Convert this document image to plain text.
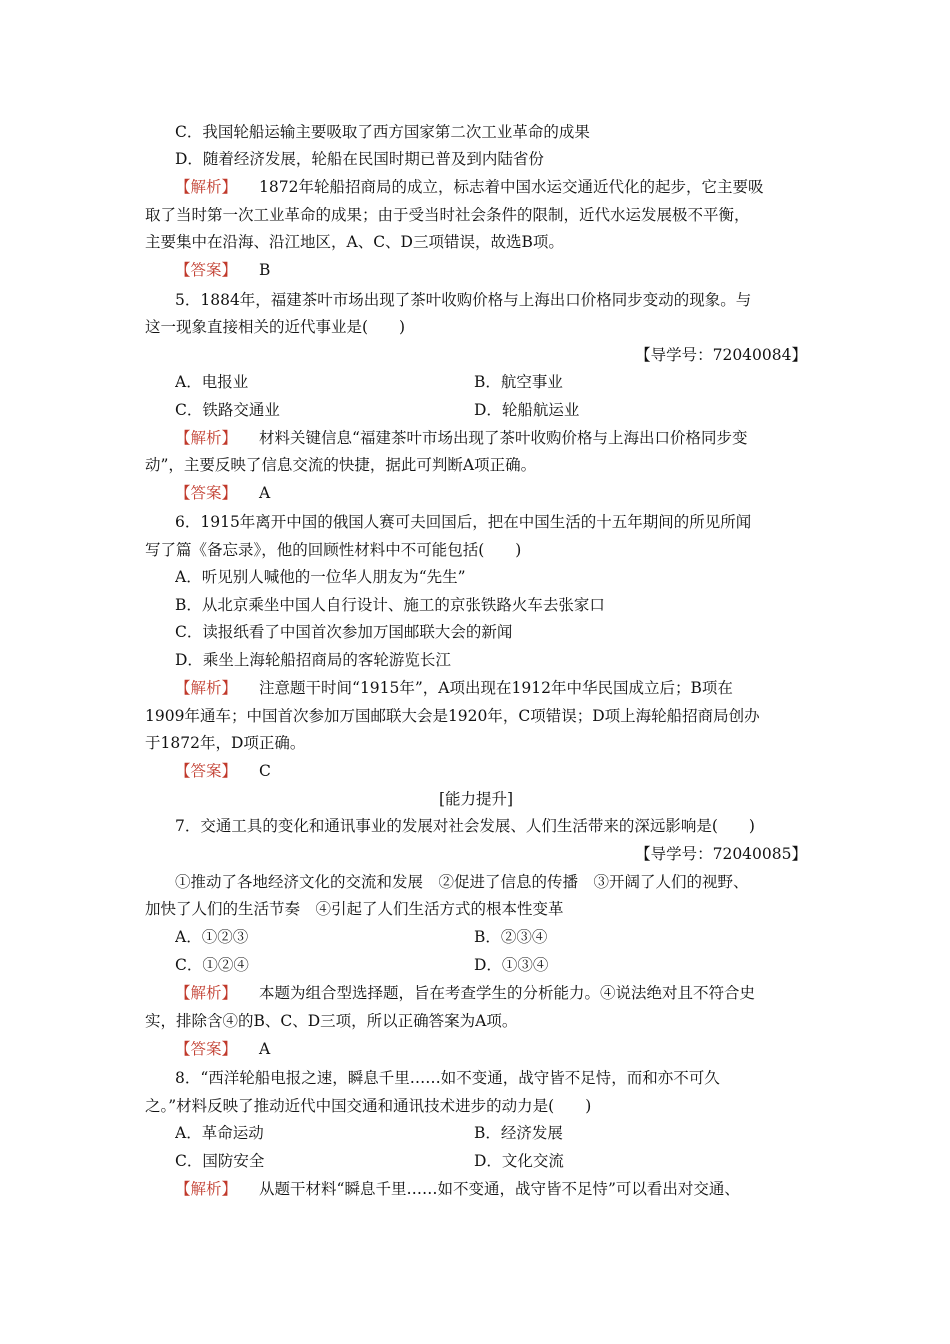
C．我国轮船运输主要吸取了西方国家第二次工业革命的成果
D．随着经济发展，轮船在民国时期已普及到内陆省份
【解析】 1872年轮船招商局的成立，标志着中国水运交通近代化的起步，它主要吸
取了当时第一次工业革命的成果；由于受当时社会条件的限制，近代水运发展极不平衡，
主要集中在沿海、沿江地区，A、C、D三项错误，故选B项。
【答案】 B
5．1884年，福建茶叶市场出现了茶叶收购价格与上海出口价格同步变动的现象。与
这一现象直接相关的近代事业是(　　)
【导学号：72040084】
A．电报业	B．航空事业
C．铁路交通业	D．轮船航运业
【解析】 材料关键信息“福建茶叶市场出现了茶叶收购价格与上海出口价格同步变
动”，主要反映了信息交流的快捷，据此可判断A项正确。
【答案】 A
6．1915年离开中国的俄国人赛可夫回国后，把在中国生活的十五年期间的所见所闻
写了篇《备忘录》，他的回顾性材料中不可能包括(　　)
A．听见别人喊他的一位华人朋友为“先生”
B．从北京乘坐中国人自行设计、施工的京张铁路火车去张家口
C．读报纸看了中国首次参加万国邮联大会的新闻
D．乘坐上海轮船招商局的客轮游览长江
【解析】 注意题干时间“1915年”，A项出现在1912年中华民国成立后；B项在
1909年通车；中国首次参加万国邮联大会是1920年，C项错误；D项上海轮船招商局创办
于1872年，D项正确。
【答案】 C
[能力提升]
7．交通工具的变化和通讯事业的发展对社会发展、人们生活带来的深远影响是(　　)
【导学号：72040085】
①推动了各地经济文化的交流和发展　②促进了信息的传播　③开阔了人们的视野、
加快了人们的生活节奏　④引起了人们生活方式的根本性变革
A．①②③	B．②③④
C．①②④	D．①③④
【解析】 本题为组合型选择题，旨在考查学生的分析能力。④说法绝对且不符合史
实，排除含④的B、C、D三项，所以正确答案为A项。
【答案】 A
8．“西洋轮船电报之速，瞬息千里……如不变通，战守皆不足恃，而和亦不可久
之。”材料反映了推动近代中国交通和通讯技术进步的动力是(　　)
A．革命运动	B．经济发展
C．国防安全	D．文化交流
【解析】 从题干材料“瞬息千里……如不变通，战守皆不足恃”可以看出对交通、
